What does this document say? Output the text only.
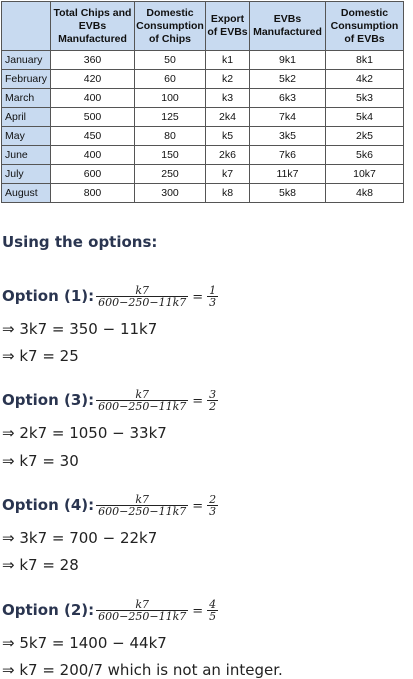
	Total Chips and EVBs Manufactured	Domestic Consumption of Chips	Export of EVBs	EVBs Manufactured	Domestic Consumption of EVBs
January	360	50	k1	9k1	8k1
February	420	60	k2	5k2	4k2
March	400	100	k3	6k3	5k3
April	500	125	2k4	7k4	5k4
May	450	80	k5	3k5	2k5
June	400	150	2k6	7k6	5k6
July	600	250	k7	11k7	10k7
August	800	300	k8	5k8	4k8
Using the options:
Option (1): $\frac{k7}{600-250-11k7} = \frac{1}{3}$
⇒ 3k7 = 350 − 11k7
⇒ k7 = 25
Option (3): $\frac{k7}{600-250-11k7} = \frac{3}{2}$
⇒ 2k7 = 1050 − 33k7
⇒ k7 = 30
Option (4): $\frac{k7}{600-250-11k7} = \frac{2}{3}$
⇒ 3k7 = 700 − 22k7
⇒ k7 = 28
Option (2): $\frac{k7}{600-250-11k7} = \frac{4}{5}$
⇒ 5k7 = 1400 − 44k7
⇒ k7 = 200/7 which is not an integer.
